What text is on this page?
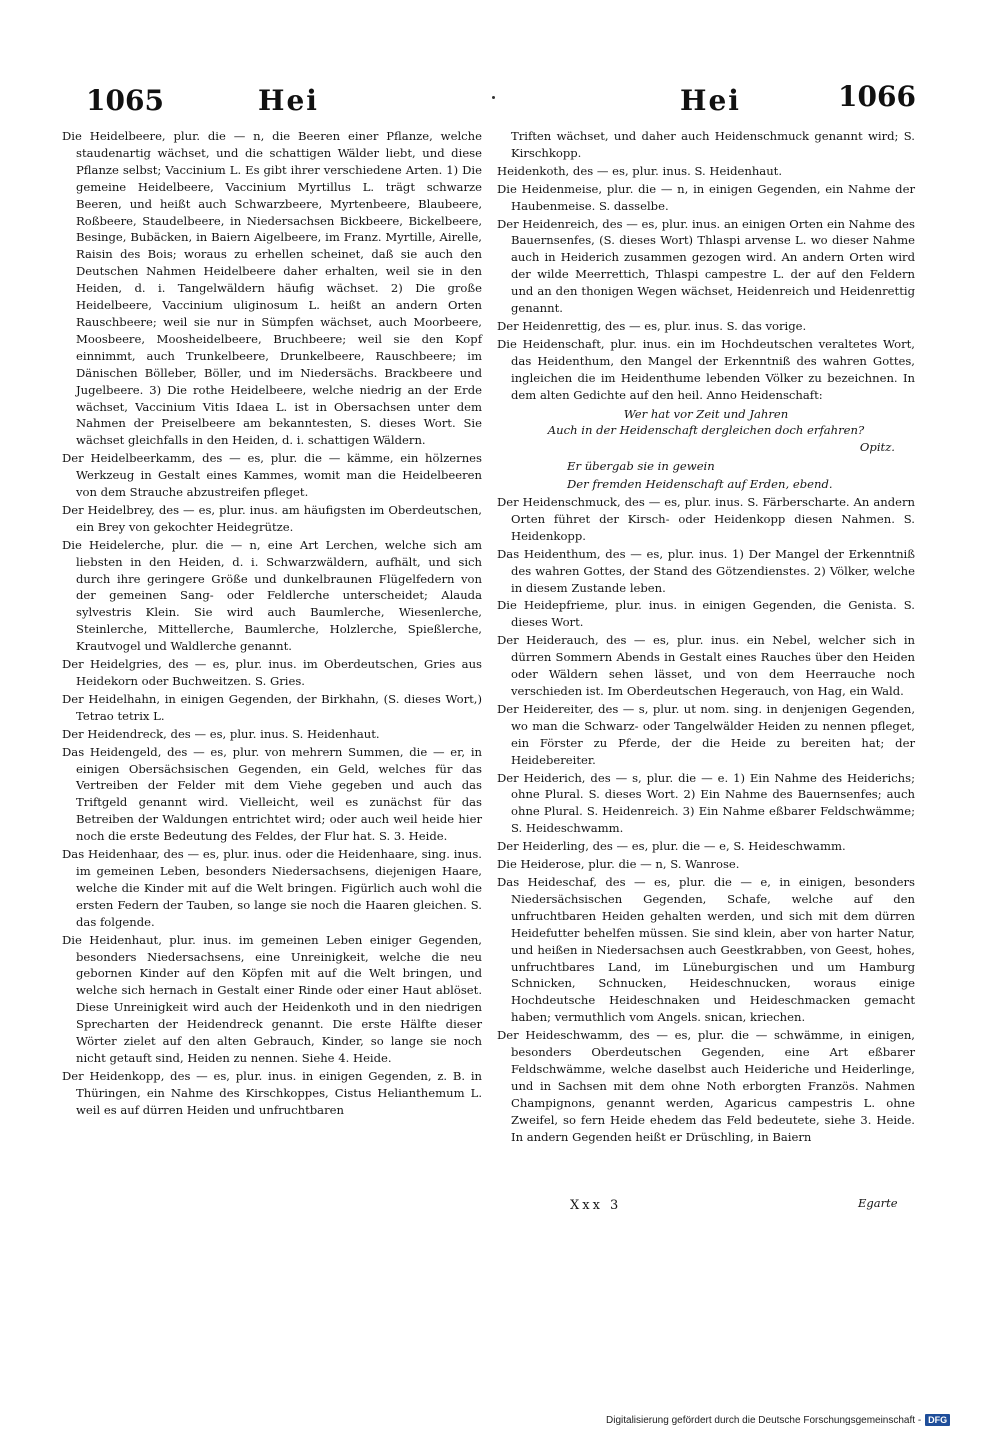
1065	Hei	Hei	1066

Die Heidelbeere, plur. die — n, die Beeren einer Pflanze, welche staudenartig wächset, und die schattigen Wälder liebt, und diese Pflanze selbst; Vaccinium L. Es gibt ihrer verschiedene Arten. 1) Die gemeine Heidelbeere, Vaccinium Myrtillus L. trägt schwarze Beeren, und heißt auch Schwarzbeere, Myrtenbeere, Blaubeere, Roßbeere, Staudelbeere, in Niedersachsen Bickbeere, Bickelbeere, Besinge, Bubäcken, in Baiern Aigelbeere, im Franz. Myrtille, Airelle, Raisin des Bois; woraus zu erhellen scheinet, daß sie auch den Deutschen Nahmen Heidelbeere daher erhalten, weil sie in den Heiden, d. i. Tangelwäldern häufig wächset. 2) Die große Heidelbeere, Vaccinium uliginosum L. heißt an andern Orten Rauschbeere; weil sie nur in Sümpfen wächset, auch Moorbeere, Moosbeere, Moosheidelbeere, Bruchbeere; weil sie den Kopf einnimmt, auch Trunkelbeere, Drunkelbeere, Rauschbeere; im Dänischen Bölleber, Böller, und im Niedersächs. Brackbeere und Jugelbeere. 3) Die rothe Heidelbeere, welche niedrig an der Erde wächset, Vaccinium Vitis Idaea L. ist in Obersachsen unter dem Nahmen der Preiselbeere am bekanntesten, S. dieses Wort. Sie wächset gleichfalls in den Heiden, d. i. schattigen Wäldern.

Der Heidelbeerkamm, des — es, plur. die — kämme, ein hölzernes Werkzeug in Gestalt eines Kammes, womit man die Heidelbeeren von dem Strauche abzustreifen pfleget.

Der Heidelbrey, des — es, plur. inus. am häufigsten im Oberdeutschen, ein Brey von gekochter Heidegrütze.

Die Heidelerche, plur. die — n, eine Art Lerchen, welche sich am liebsten in den Heiden, d. i. Schwarzwäldern, aufhält, und sich durch ihre geringere Größe und dunkelbraunen Flügelfedern von der gemeinen Sang- oder Feldlerche unterscheidet; Alauda sylvestris Klein. Sie wird auch Baumlerche, Wiesenlerche, Steinlerche, Mittellerche, Baumlerche, Holzlerche, Spießlerche, Krautvogel und Waldlerche genannt.

Der Heidelgries, des — es, plur. inus. im Oberdeutschen, Gries aus Heidekorn oder Buchweitzen. S. Gries.

Der Heidelhahn, in einigen Gegenden, der Birkhahn, (S. dieses Wort,) Tetrao tetrix L.

Der Heidendreck, des — es, plur. inus. S. Heidenhaut.

Das Heidengeld, des — es, plur. von mehrern Summen, die — er, in einigen Obersächsischen Gegenden, ein Geld, welches für das Vertreiben der Felder mit dem Viehe gegeben und auch das Triftgeld genannt wird. Vielleicht, weil es zunächst für das Betreiben der Waldungen entrichtet wird; oder auch weil heide hier noch die erste Bedeutung des Feldes, der Flur hat. S. 3. Heide.

Das Heidenhaar, des — es, plur. inus. oder die Heidenhaare, sing. inus. im gemeinen Leben, besonders Niedersachsens, diejenigen Haare, welche die Kinder mit auf die Welt bringen. Figürlich auch wohl die ersten Federn der Tauben, so lange sie noch die Haaren gleichen. S. das folgende.

Die Heidenhaut, plur. inus. im gemeinen Leben einiger Gegenden, besonders Niedersachsens, eine Unreinigkeit, welche die neu gebornen Kinder auf den Köpfen mit auf die Welt bringen, und welche sich hernach in Gestalt einer Rinde oder einer Haut ablöset. Diese Unreinigkeit wird auch der Heidenkoth und in den niedrigen Sprecharten der Heidendreck genannt. Die erste Hälfte dieser Wörter zielet auf den alten Gebrauch, Kinder, so lange sie noch nicht getauft sind, Heiden zu nennen. Siehe 4. Heide.

Der Heidenkopp, des — es, plur. inus. in einigen Gegenden, z. B. in Thüringen, ein Nahme des Kirschkoppes, Cistus Helianthemum L. weil es auf dürren Heiden und unfruchtbaren

Triften wächset, und daher auch Heidenschmuck genannt wird; S. Kirschkopp.

Heidenkoth, des — es, plur. inus. S. Heidenhaut.

Die Heidenmeise, plur. die — n, in einigen Gegenden, ein Nahme der Haubenmeise. S. dasselbe.

Der Heidenreich, des — es, plur. inus. an einigen Orten ein Nahme des Bauernsenfes, (S. dieses Wort) Thlaspi arvense L. wo dieser Nahme auch in Heiderich zusammen gezogen wird. An andern Orten wird der wilde Meerrettich, Thlaspi campestre L. der auf den Feldern und an den thonigen Wegen wächset, Heidenreich und Heidenrettig genannt.

Der Heidenrettig, des — es, plur. inus. S. das vorige.

Die Heidenschaft, plur. inus. ein im Hochdeutschen veraltetes Wort, das Heidenthum, den Mangel der Erkenntniß des wahren Gottes, ingleichen die im Heidenthume lebenden Völker zu bezeichnen. In dem alten Gedichte auf den heil. Anno Heidenschaft:

Wer hat vor Zeit und Jahren
Auch in der Heidenschaft dergleichen doch erfahren?
Opitz.
Er übergab sie in gewein
Der fremden Heidenschaft auf Erden, ebend.

Der Heidenschmuck, des — es, plur. inus. S. Färberscharte. An andern Orten führet der Kirsch- oder Heidenkopp diesen Nahmen. S. Heidenkopp.

Das Heidenthum, des — es, plur. inus. 1) Der Mangel der Erkenntniß des wahren Gottes, der Stand des Götzendienstes. 2) Völker, welche in diesem Zustande leben.

Die Heidepfrieme, plur. inus. in einigen Gegenden, die Genista. S. dieses Wort.

Der Heiderauch, des — es, plur. inus. ein Nebel, welcher sich in dürren Sommern Abends in Gestalt eines Rauches über den Heiden oder Wäldern sehen lässet, und von dem Heerrauche noch verschieden ist. Im Oberdeutschen Hegerauch, von Hag, ein Wald.

Der Heidereiter, des — s, plur. ut nom. sing. in denjenigen Gegenden, wo man die Schwarz- oder Tangelwälder Heiden zu nennen pfleget, ein Förster zu Pferde, der die Heide zu bereiten hat; der Heidebereiter.

Der Heiderich, des — s, plur. die — e. 1) Ein Nahme des Heiderichs; ohne Plural. S. dieses Wort. 2) Ein Nahme des Bauernsenfes; auch ohne Plural. S. Heidenreich. 3) Ein Nahme eßbarer Feldschwämme; S. Heideschwamm.

Der Heiderling, des — es, plur. die — e, S. Heideschwamm.

Die Heiderose, plur. die — n, S. Wanrose.

Das Heideschaf, des — es, plur. die — e, in einigen, besonders Niedersächsischen Gegenden, Schafe, welche auf den unfruchtbaren Heiden gehalten werden, und sich mit dem dürren Heidefutter behelfen müssen. Sie sind klein, aber von harter Natur, und heißen in Niedersachsen auch Geestkrabben, von Geest, hohes, unfruchtbares Land, im Lüneburgischen und um Hamburg Schnicken, Schnucken, Heideschnucken, woraus einige Hochdeutsche Heideschnaken und Heideschmacken gemacht haben; vermuthlich vom Angels. snican, kriechen.

Der Heideschwamm, des — es, plur. die — schwämme, in einigen, besonders Oberdeutschen Gegenden, eine Art eßbarer Feldschwämme, welche daselbst auch Heideriche und Heiderlinge, und in Sachsen mit dem ohne Noth erborgten Französ. Nahmen Champignons, genannt werden, Agaricus campestris L. ohne Zweifel, so fern Heide ehedem das Feld bedeutete, siehe 3. Heide. In andern Gegenden heißt er Drüschling, in Baiern

Xxx 3	Egarte
Digitalisierung gefördert durch die Deutsche Forschungsgemeinschaft - DFG
